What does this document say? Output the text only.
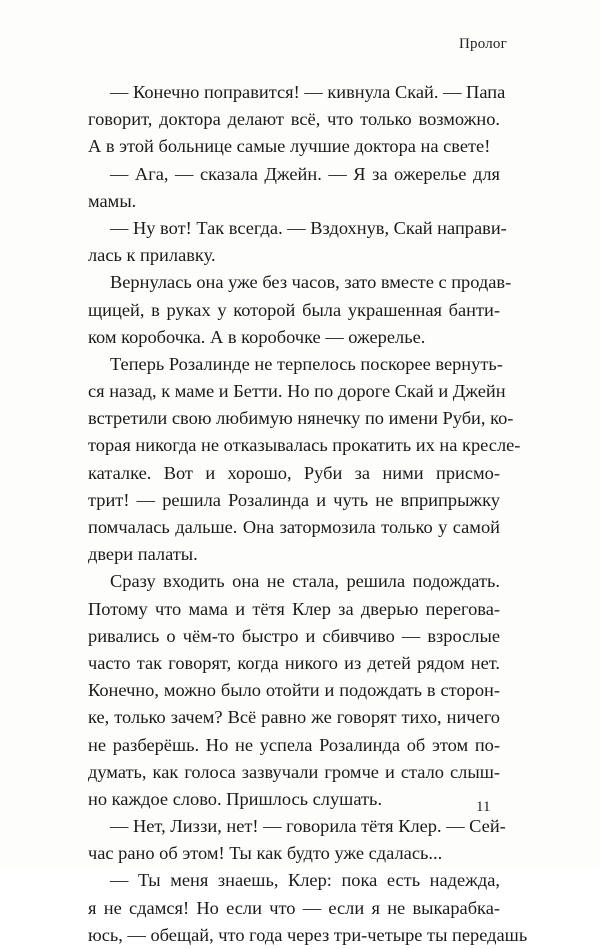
Пролог
— Конечно поправится! — кивнула Скай. — Папа
говорит, доктора делают всё, что только возможно.
А в этой больнице самые лучшие доктора на свете!
— Ага, — сказала Джейн. — Я за ожерелье для
мамы.
— Ну вот! Так всегда. — Вздохнув, Скай направи-
лась к прилавку.
Вернулась она уже без часов, зато вместе с продав-
щицей, в руках у которой была украшенная банти-
ком коробочка. А в коробочке — ожерелье.
Теперь Розалинде не терпелось поскорее вернуть-
ся назад, к маме и Бетти. Но по дороге Скай и Джейн
встретили свою любимую нянечку по имени Руби, ко-
торая никогда не отказывалась прокатить их на кресле-
каталке. Вот и хорошо, Руби за ними присмо-
трит! — решила Розалинда и чуть не вприпрыжку
помчалась дальше. Она затормозила только у самой
двери палаты.
Сразу входить она не стала, решила подождать.
Потому что мама и тётя Клер за дверью перегова-
ривались о чём-то быстро и сбивчиво — взрослые
часто так говорят, когда никого из детей рядом нет.
Конечно, можно было отойти и подождать в сторон-
ке, только зачем? Всё равно же говорят тихо, ничего
не разберёшь. Но не успела Розалинда об этом по-
думать, как голоса зазвучали громче и стало слыш-
но каждое слово. Пришлось слушать.
— Нет, Лиззи, нет! — говорила тётя Клер. — Сей-
час рано об этом! Ты как будто уже сдалась...
— Ты меня знаешь, Клер: пока есть надежда,
я не сдамся! Но если что — если я не выкарабка-
юсь, — обещай, что года через три-четыре ты передашь
11
